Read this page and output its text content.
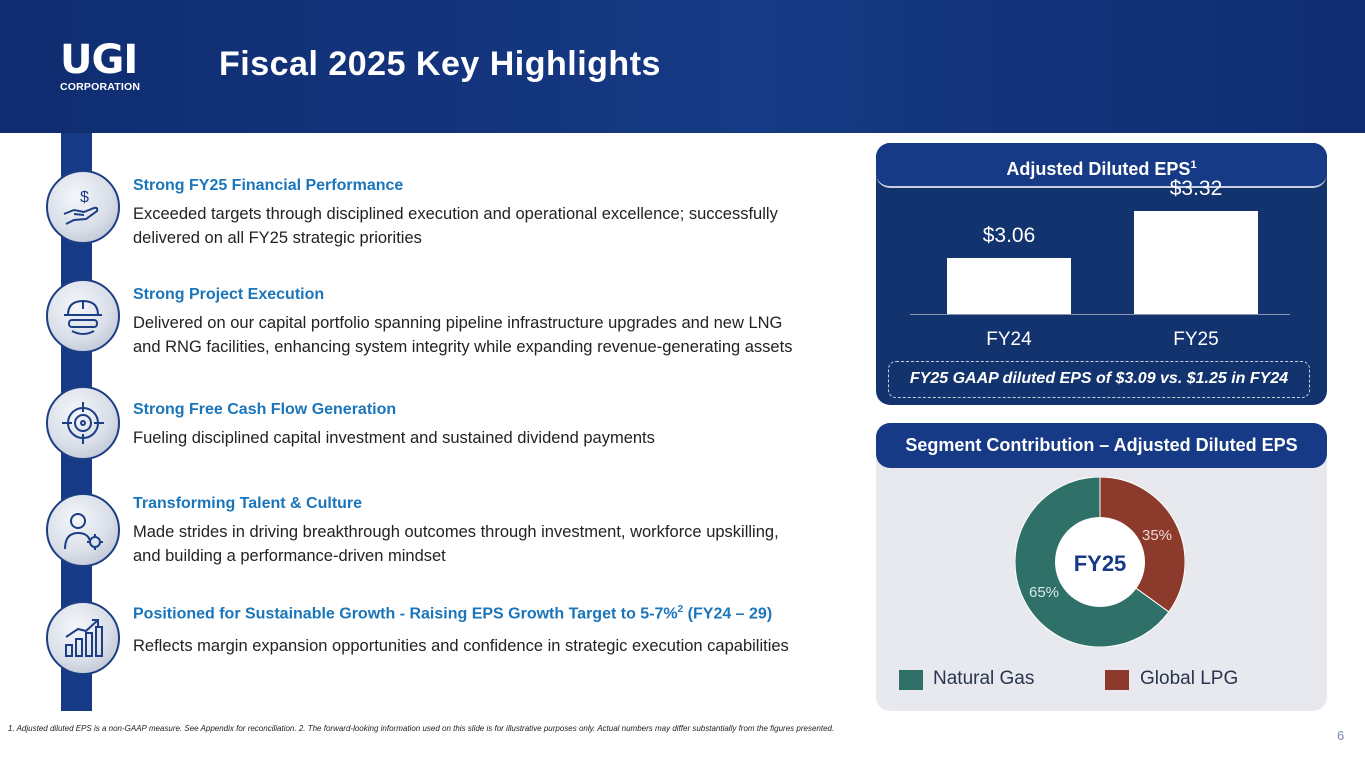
UGI
CORPORATION
Fiscal 2025 Key Highlights
$
Strong FY25 Financial Performance
Exceeded targets through disciplined execution and operational excellence; successfully
delivered on all FY25 strategic priorities
Strong Project Execution
Delivered on our capital portfolio spanning pipeline infrastructure upgrades and new LNG
and RNG facilities, enhancing system integrity while expanding revenue-generating assets
Strong Free Cash Flow Generation
Fueling disciplined capital investment and sustained dividend payments
Transforming Talent & Culture
Made strides in driving breakthrough outcomes through investment, workforce upskilling,
and building a performance-driven mindset
Positioned for Sustainable Growth - Raising EPS Growth Target to 5-7%$^2$ (FY24 – 29)
Reflects margin expansion opportunities and confidence in strategic execution capabilities
Adjusted Diluted EPS$^1$
$3.06
$3.32
FY24	FY25
FY25 GAAP diluted EPS of $3.09 vs. $1.25 in FY24
Segment Contribution – Adjusted Diluted EPS
FY25
35%
65%
Natural Gas	Global LPG
1. Adjusted diluted EPS is a non-GAAP measure. See Appendix for reconciliation. 2. The forward-looking information used on this slide is for illustrative purposes only. Actual numbers may differ substantially from the figures presented.	6
